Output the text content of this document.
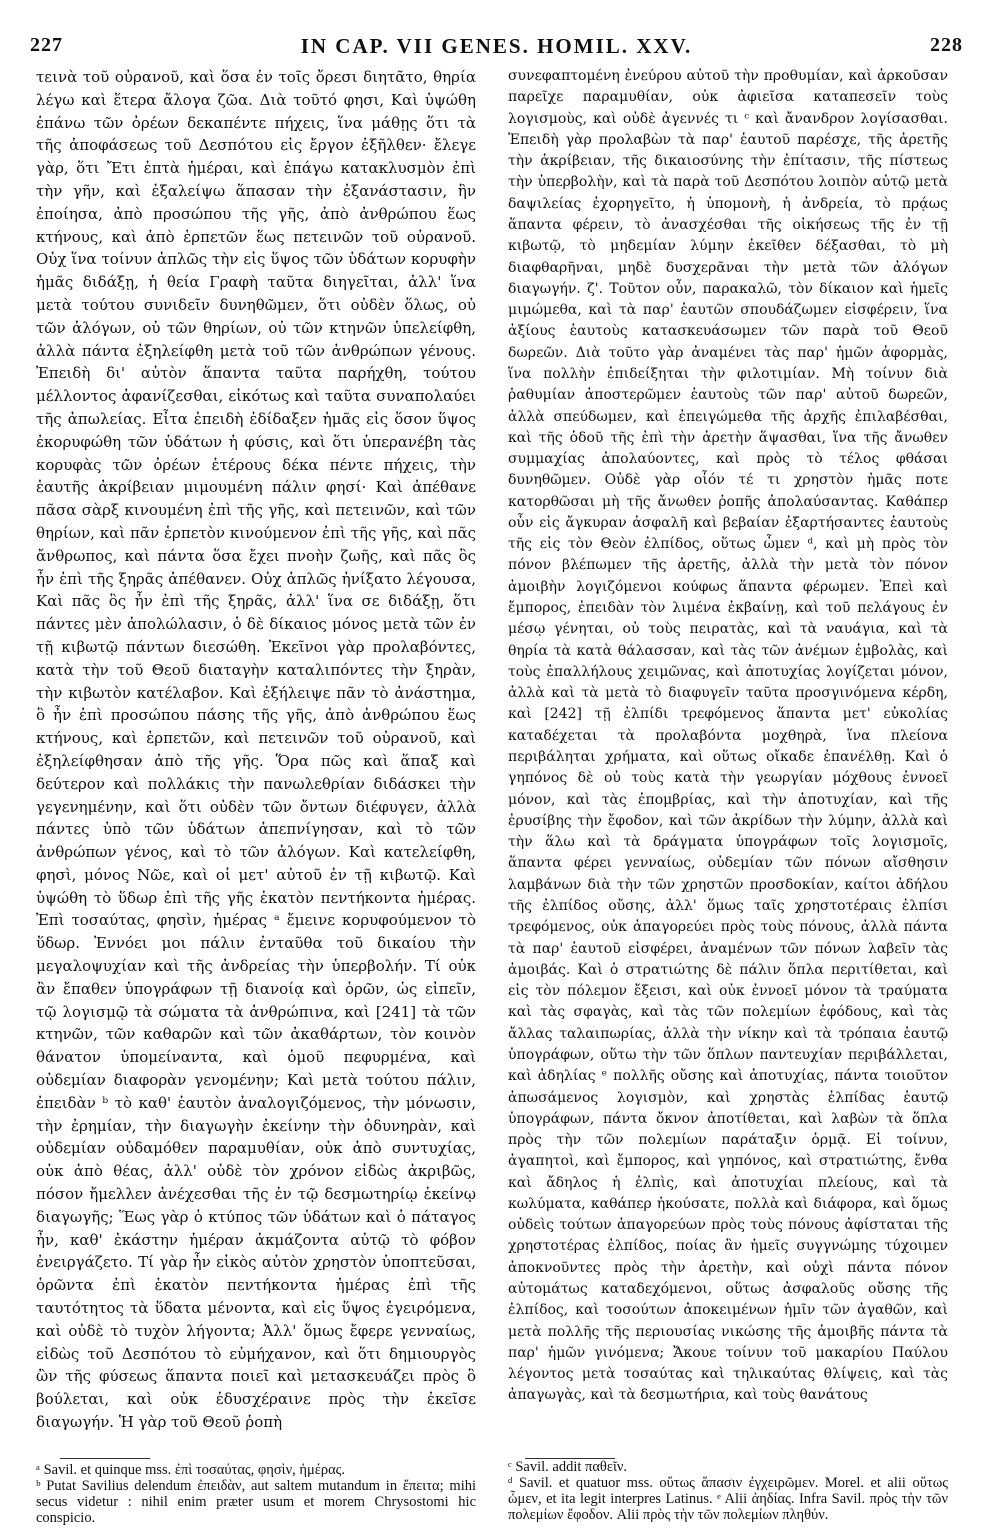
227	IN CAP. VII GENES. HOMIL. XXV.	228

τεινὰ τοῦ οὐρανοῦ, καὶ ὅσα ἐν τοῖς ὄρεσι διητᾶτο, θηρία λέγω καὶ ἕτερα ἄλογα ζῶα. Διὰ τοῦτό φησι, Καὶ ὑψώθη ἐπάνω τῶν ὀρέων δεκαπέντε πήχεις, ἵνα μάθῃς ὅτι τὰ τῆς ἀποφάσεως τοῦ Δεσπότου εἰς ἔργον ἐξῆλθεν· ἔλεγε γὰρ, ὅτι Ἔτι ἑπτὰ ἡμέραι, καὶ ἐπάγω κατακλυσμὸν ἐπὶ τὴν γῆν, καὶ ἐξαλείψω ἅπασαν τὴν ἐξανάστασιν, ἣν ἐποίησα, ἀπὸ προσώπου τῆς γῆς, ἀπὸ ἀνθρώπου ἕως κτήνους, καὶ ἀπὸ ἑρπετῶν ἕως πετεινῶν τοῦ οὐρανοῦ. Οὐχ ἵνα τοίνυν ἁπλῶς τὴν εἰς ὕψος τῶν ὑδάτων κορυφὴν ἡμᾶς διδάξῃ, ἡ θεία Γραφὴ ταῦτα διηγεῖται, ἀλλ' ἵνα μετὰ τούτου συνιδεῖν δυνηθῶμεν, ὅτι οὐδὲν ὅλως, οὐ τῶν ἀλόγων, οὐ τῶν θηρίων, οὐ τῶν κτηνῶν ὑπελείφθη, ἀλλὰ πάντα ἐξηλείφθη μετὰ τοῦ τῶν ἀνθρώπων γένους. Ἐπειδὴ δι' αὐτὸν ἅπαντα ταῦτα παρήχθη, τούτου μέλλοντος ἀφανίζεσθαι, εἰκότως καὶ ταῦτα συναπολαύει τῆς ἀπωλείας. Εἶτα ἐπειδὴ ἐδίδαξεν ἡμᾶς εἰς ὅσον ὕψος ἐκορυφώθη τῶν ὑδάτων ἡ φύσις, καὶ ὅτι ὑπερανέβη τὰς κορυφὰς τῶν ὀρέων ἑτέρους δέκα πέντε πήχεις, τὴν ἑαυτῆς ἀκρίβειαν μιμουμένη πάλιν φησί· Καὶ ἀπέθανε πᾶσα σὰρξ κινουμένη ἐπὶ τῆς γῆς, καὶ πετεινῶν, καὶ τῶν θηρίων, καὶ πᾶν ἑρπετὸν κινούμενον ἐπὶ τῆς γῆς, καὶ πᾶς ἄνθρωπος, καὶ πάντα ὅσα ἔχει πνοὴν ζωῆς, καὶ πᾶς ὃς ἦν ἐπὶ τῆς ξηρᾶς ἀπέθανεν. Οὐχ ἁπλῶς ἠνίξατο λέγουσα, Καὶ πᾶς ὃς ἦν ἐπὶ τῆς ξηρᾶς, ἀλλ' ἵνα σε διδάξῃ, ὅτι πάντες μὲν ἀπολώλασιν, ὁ δὲ δίκαιος μόνος μετὰ τῶν ἐν τῇ κιβωτῷ πάντων διεσώθη. Ἐκεῖνοι γὰρ προλαβόντες, κατὰ τὴν τοῦ Θεοῦ διαταγὴν καταλιπόντες τὴν ξηρὰν, τὴν κιβωτὸν κατέλαβον. Καὶ ἐξήλειψε πᾶν τὸ ἀνάστημα, ὃ ἦν ἐπὶ προσώπου πάσης τῆς γῆς, ἀπὸ ἀνθρώπου ἕως κτήνους, καὶ ἑρπετῶν, καὶ πετεινῶν τοῦ οὐρανοῦ, καὶ ἐξηλείφθησαν ἀπὸ τῆς γῆς. Ὅρα πῶς καὶ ἅπαξ καὶ δεύτερον καὶ πολλάκις τὴν πανωλεθρίαν διδάσκει τὴν γεγενημένην, καὶ ὅτι οὐδὲν τῶν ὄντων διέφυγεν, ἀλλὰ πάντες ὑπὸ τῶν ὑδάτων ἀπεπνίγησαν, καὶ τὸ τῶν ἀνθρώπων γένος, καὶ τὸ τῶν ἀλόγων. Καὶ κατελείφθη, φησὶ, μόνος Νῶε, καὶ οἱ μετ' αὐτοῦ ἐν τῇ κιβωτῷ. Καὶ ὑψώθη τὸ ὕδωρ ἐπὶ τῆς γῆς ἑκατὸν πεντήκοντα ἡμέρας. Ἐπὶ τοσαύτας, φησὶν, ἡμέρας ᵃ ἔμεινε κορυφούμενον τὸ ὕδωρ. Ἐννόει μοι πάλιν ἐνταῦθα τοῦ δικαίου τὴν μεγαλοψυχίαν καὶ τῆς ἀνδρείας τὴν ὑπερβολήν. Τί οὐκ ἂν ἔπαθεν ὑπογράφων τῇ διανοίᾳ καὶ ὁρῶν, ὡς εἰπεῖν, τῷ λογισμῷ τὰ σώματα τὰ ἀνθρώπινα, καὶ [241] τὰ τῶν κτηνῶν, τῶν καθαρῶν καὶ τῶν ἀκαθάρτων, τὸν κοινὸν θάνατον ὑπομείναντα, καὶ ὁμοῦ πεφυρμένα, καὶ οὐδεμίαν διαφορὰν γενομένην; Καὶ μετὰ τούτου πάλιν, ἐπειδὰν ᵇ τὸ καθ' ἑαυτὸν ἀναλογιζόμενος, τὴν μόνωσιν, τὴν ἐρημίαν, τὴν διαγωγὴν ἐκείνην τὴν ὀδυνηρὰν, καὶ οὐδεμίαν οὐδαμόθεν παραμυθίαν, οὐκ ἀπὸ συντυχίας, οὐκ ἀπὸ θέας, ἀλλ' οὐδὲ τὸν χρόνον εἰδὼς ἀκριβῶς, πόσον ἤμελλεν ἀνέχεσθαι τῆς ἐν τῷ δεσμωτηρίῳ ἐκείνῳ διαγωγῆς; Ἕως γὰρ ὁ κτύπος τῶν ὑδάτων καὶ ὁ πάταγος ἦν, καθ' ἑκάστην ἡμέραν ἀκμάζοντα αὐτῷ τὸ φόβον ἐνειργάζετο. Τί γὰρ ἦν εἰκὸς αὐτὸν χρηστὸν ὑποπτεῦσαι, ὁρῶντα ἐπὶ ἑκατὸν πεντήκοντα ἡμέρας ἐπὶ τῆς ταυτότητος τὰ ὕδατα μένοντα, καὶ εἰς ὕψος ἐγειρόμενα, καὶ οὐδὲ τὸ τυχὸν λήγοντα; Ἀλλ' ὅμως ἔφερε γενναίως, εἰδὼς τοῦ Δεσπότου τὸ εὐμήχανον, καὶ ὅτι δημιουργὸς ὢν τῆς φύσεως ἅπαντα ποιεῖ καὶ μετασκευάζει πρὸς ὃ βούλεται, καὶ οὐκ ἐδυσχέραινε πρὸς τὴν ἐκεῖσε διαγωγήν. Ἡ γὰρ τοῦ Θεοῦ ῥοπὴ

συνεφαπτομένη ἐνεύρου αὐτοῦ τὴν προθυμίαν, καὶ ἀρκοῦσαν παρεῖχε παραμυθίαν, οὐκ ἀφιεῖσα καταπεσεῖν τοὺς λογισμοὺς, καὶ οὐδὲ ἀγεννές τι ᶜ καὶ ἄνανδρον λογίσασθαι. Ἐπειδὴ γὰρ προλαβὼν τὰ παρ' ἑαυτοῦ παρέσχε, τῆς ἀρετῆς τὴν ἀκρίβειαν, τῆς δικαιοσύνης τὴν ἐπίτασιν, τῆς πίστεως τὴν ὑπερβολὴν, καὶ τὰ παρὰ τοῦ Δεσπότου λοιπὸν αὐτῷ μετὰ δαψιλείας ἐχορηγεῖτο, ἡ ὑπομονὴ, ἡ ἀνδρεία, τὸ πρᾴως ἅπαντα φέρειν, τὸ ἀνασχέσθαι τῆς οἰκήσεως τῆς ἐν τῇ κιβωτῷ, τὸ μηδεμίαν λύμην ἐκεῖθεν δέξασθαι, τὸ μὴ διαφθαρῆναι, μηδὲ δυσχερᾶναι τὴν μετὰ τῶν ἀλόγων διαγωγήν. ζ'. Τοῦτον οὖν, παρακαλῶ, τὸν δίκαιον καὶ ἡμεῖς μιμώμεθα, καὶ τὰ παρ' ἑαυτῶν σπουδάζωμεν εἰσφέρειν, ἵνα ἀξίους ἑαυτοὺς κατασκευάσωμεν τῶν παρὰ τοῦ Θεοῦ δωρεῶν. Διὰ τοῦτο γὰρ ἀναμένει τὰς παρ' ἡμῶν ἀφορμὰς, ἵνα πολλὴν ἐπιδείξηται τὴν φιλοτιμίαν. Μὴ τοίνυν διὰ ῥαθυμίαν ἀποστερῶμεν ἑαυτοὺς τῶν παρ' αὐτοῦ δωρεῶν, ἀλλὰ σπεύδωμεν, καὶ ἐπειγώμεθα τῆς ἀρχῆς ἐπιλαβέσθαι, καὶ τῆς ὁδοῦ τῆς ἐπὶ τὴν ἀρετὴν ἅψασθαι, ἵνα τῆς ἄνωθεν συμμαχίας ἀπολαύοντες, καὶ πρὸς τὸ τέλος φθάσαι δυνηθῶμεν. Οὐδὲ γὰρ οἷόν τέ τι χρηστὸν ἡμᾶς ποτε κατορθῶσαι μὴ τῆς ἄνωθεν ῥοπῆς ἀπολαύσαντας. Καθάπερ οὖν εἰς ἄγκυραν ἀσφαλῆ καὶ βεβαίαν ἐξαρτήσαντες ἑαυτοὺς τῆς εἰς τὸν Θεὸν ἐλπίδος, οὕτως ὦμεν ᵈ, καὶ μὴ πρὸς τὸν πόνον βλέπωμεν τῆς ἀρετῆς, ἀλλὰ τὴν μετὰ τὸν πόνον ἀμοιβὴν λογιζόμενοι κούφως ἅπαντα φέρωμεν. Ἐπεὶ καὶ ἔμπορος, ἐπειδὰν τὸν λιμένα ἐκβαίνῃ, καὶ τοῦ πελάγους ἐν μέσῳ γένηται, οὐ τοὺς πειρατὰς, καὶ τὰ ναυάγια, καὶ τὰ θηρία τὰ κατὰ θάλασσαν, καὶ τὰς τῶν ἀνέμων ἐμβολὰς, καὶ τοὺς ἐπαλλήλους χειμῶνας, καὶ ἀποτυχίας λογίζεται μόνον, ἀλλὰ καὶ τὰ μετὰ τὸ διαφυγεῖν ταῦτα προσγινόμενα κέρδη, καὶ [242] τῇ ἐλπίδι τρεφόμενος ἅπαντα μετ' εὐκολίας καταδέχεται τὰ προλαβόντα μοχθηρὰ, ἵνα πλείονα περιβάληται χρήματα, καὶ οὕτως οἴκαδε ἐπανέλθῃ. Καὶ ὁ γηπόνος δὲ οὐ τοὺς κατὰ τὴν γεωργίαν μόχθους ἐννοεῖ μόνον, καὶ τὰς ἐπομβρίας, καὶ τὴν ἀποτυχίαν, καὶ τῆς ἐρυσίβης τὴν ἔφοδον, καὶ τῶν ἀκρίδων τὴν λύμην, ἀλλὰ καὶ τὴν ἅλω καὶ τὰ δράγματα ὑπογράφων τοῖς λογισμοῖς, ἅπαντα φέρει γενναίως, οὐδεμίαν τῶν πόνων αἴσθησιν λαμβάνων διὰ τὴν τῶν χρηστῶν προσδοκίαν, καίτοι ἀδήλου τῆς ἐλπίδος οὔσης, ἀλλ' ὅμως ταῖς χρηστοτέραις ἐλπίσι τρεφόμενος, οὐκ ἀπαγορεύει πρὸς τοὺς πόνους, ἀλλὰ πάντα τὰ παρ' ἑαυτοῦ εἰσφέρει, ἀναμένων τῶν πόνων λαβεῖν τὰς ἀμοιβάς. Καὶ ὁ στρατιώτης δὲ πάλιν ὅπλα περιτίθεται, καὶ εἰς τὸν πόλεμον ἔξεισι, καὶ οὐκ ἐννοεῖ μόνον τὰ τραύματα καὶ τὰς σφαγὰς, καὶ τὰς τῶν πολεμίων ἐφόδους, καὶ τὰς ἄλλας ταλαιπωρίας, ἀλλὰ τὴν νίκην καὶ τὰ τρόπαια ἑαυτῷ ὑπογράφων, οὕτω τὴν τῶν ὅπλων παντευχίαν περιβάλλεται, καὶ ἀδηλίας ᵉ πολλῆς οὔσης καὶ ἀποτυχίας, πάντα τοιοῦτον ἀπωσάμενος λογισμὸν, καὶ χρηστὰς ἐλπίδας ἑαυτῷ ὑπογράφων, πάντα ὄκνον ἀποτίθεται, καὶ λαβὼν τὰ ὅπλα πρὸς τὴν τῶν πολεμίων παράταξιν ὁρμᾷ. Εἰ τοίνυν, ἀγαπητοὶ, καὶ ἔμπορος, καὶ γηπόνος, καὶ στρατιώτης, ἔνθα καὶ ἄδηλος ἡ ἐλπὶς, καὶ ἀποτυχίαι πλείους, καὶ τὰ κωλύματα, καθάπερ ἠκούσατε, πολλὰ καὶ διάφορα, καὶ ὅμως οὐδεὶς τούτων ἀπαγορεύων πρὸς τοὺς πόνους ἀφίσταται τῆς χρηστοτέρας ἐλπίδος, ποίας ἂν ἡμεῖς συγγνώμης τύχοιμεν ἀποκνοῦντες πρὸς τὴν ἀρετὴν, καὶ οὐχὶ πάντα πόνον αὐτομάτως καταδεχόμενοι, οὕτως ἀσφαλοῦς οὔσης τῆς ἐλπίδος, καὶ τοσούτων ἀποκειμένων ἡμῖν τῶν ἀγαθῶν, καὶ μετὰ πολλῆς τῆς περιουσίας νικώσης τῆς ἀμοιβῆς πάντα τὰ παρ' ἡμῶν γινόμενα; Ἄκουε τοίνυν τοῦ μακαρίου Παύλου λέγοντος μετὰ τοσαύτας καὶ τηλικαύτας θλίψεις, καὶ τὰς ἀπαγωγὰς, καὶ τὰ δεσμωτήρια, καὶ τοὺς θανάτους

ᵃ Savil. et quinque mss. ἐπὶ τοσαύτας, φησὶν, ἡμέρας.

ᵇ Putat Savilius delendum ἐπειδὰν, aut saltem mutandum in ἔπειτα; mihi secus videtur : nihil enim præter usum et morem Chrysostomi hic conspicio.

ᶜ Savil. addit παθεῖν.

ᵈ Savil. et quatuor mss. οὕτως ἅπασιν ἐγχειρῶμεν. Morel. et alii οὕτως ὦμεν, et ita legit interpres Latinus. ᵉ Alii ἀηδίας. Infra Savil. πρὸς τὴν τῶν πολεμίων ἔφοδον. Alii πρὸς τὴν τῶν πολεμίων πληθύν.
